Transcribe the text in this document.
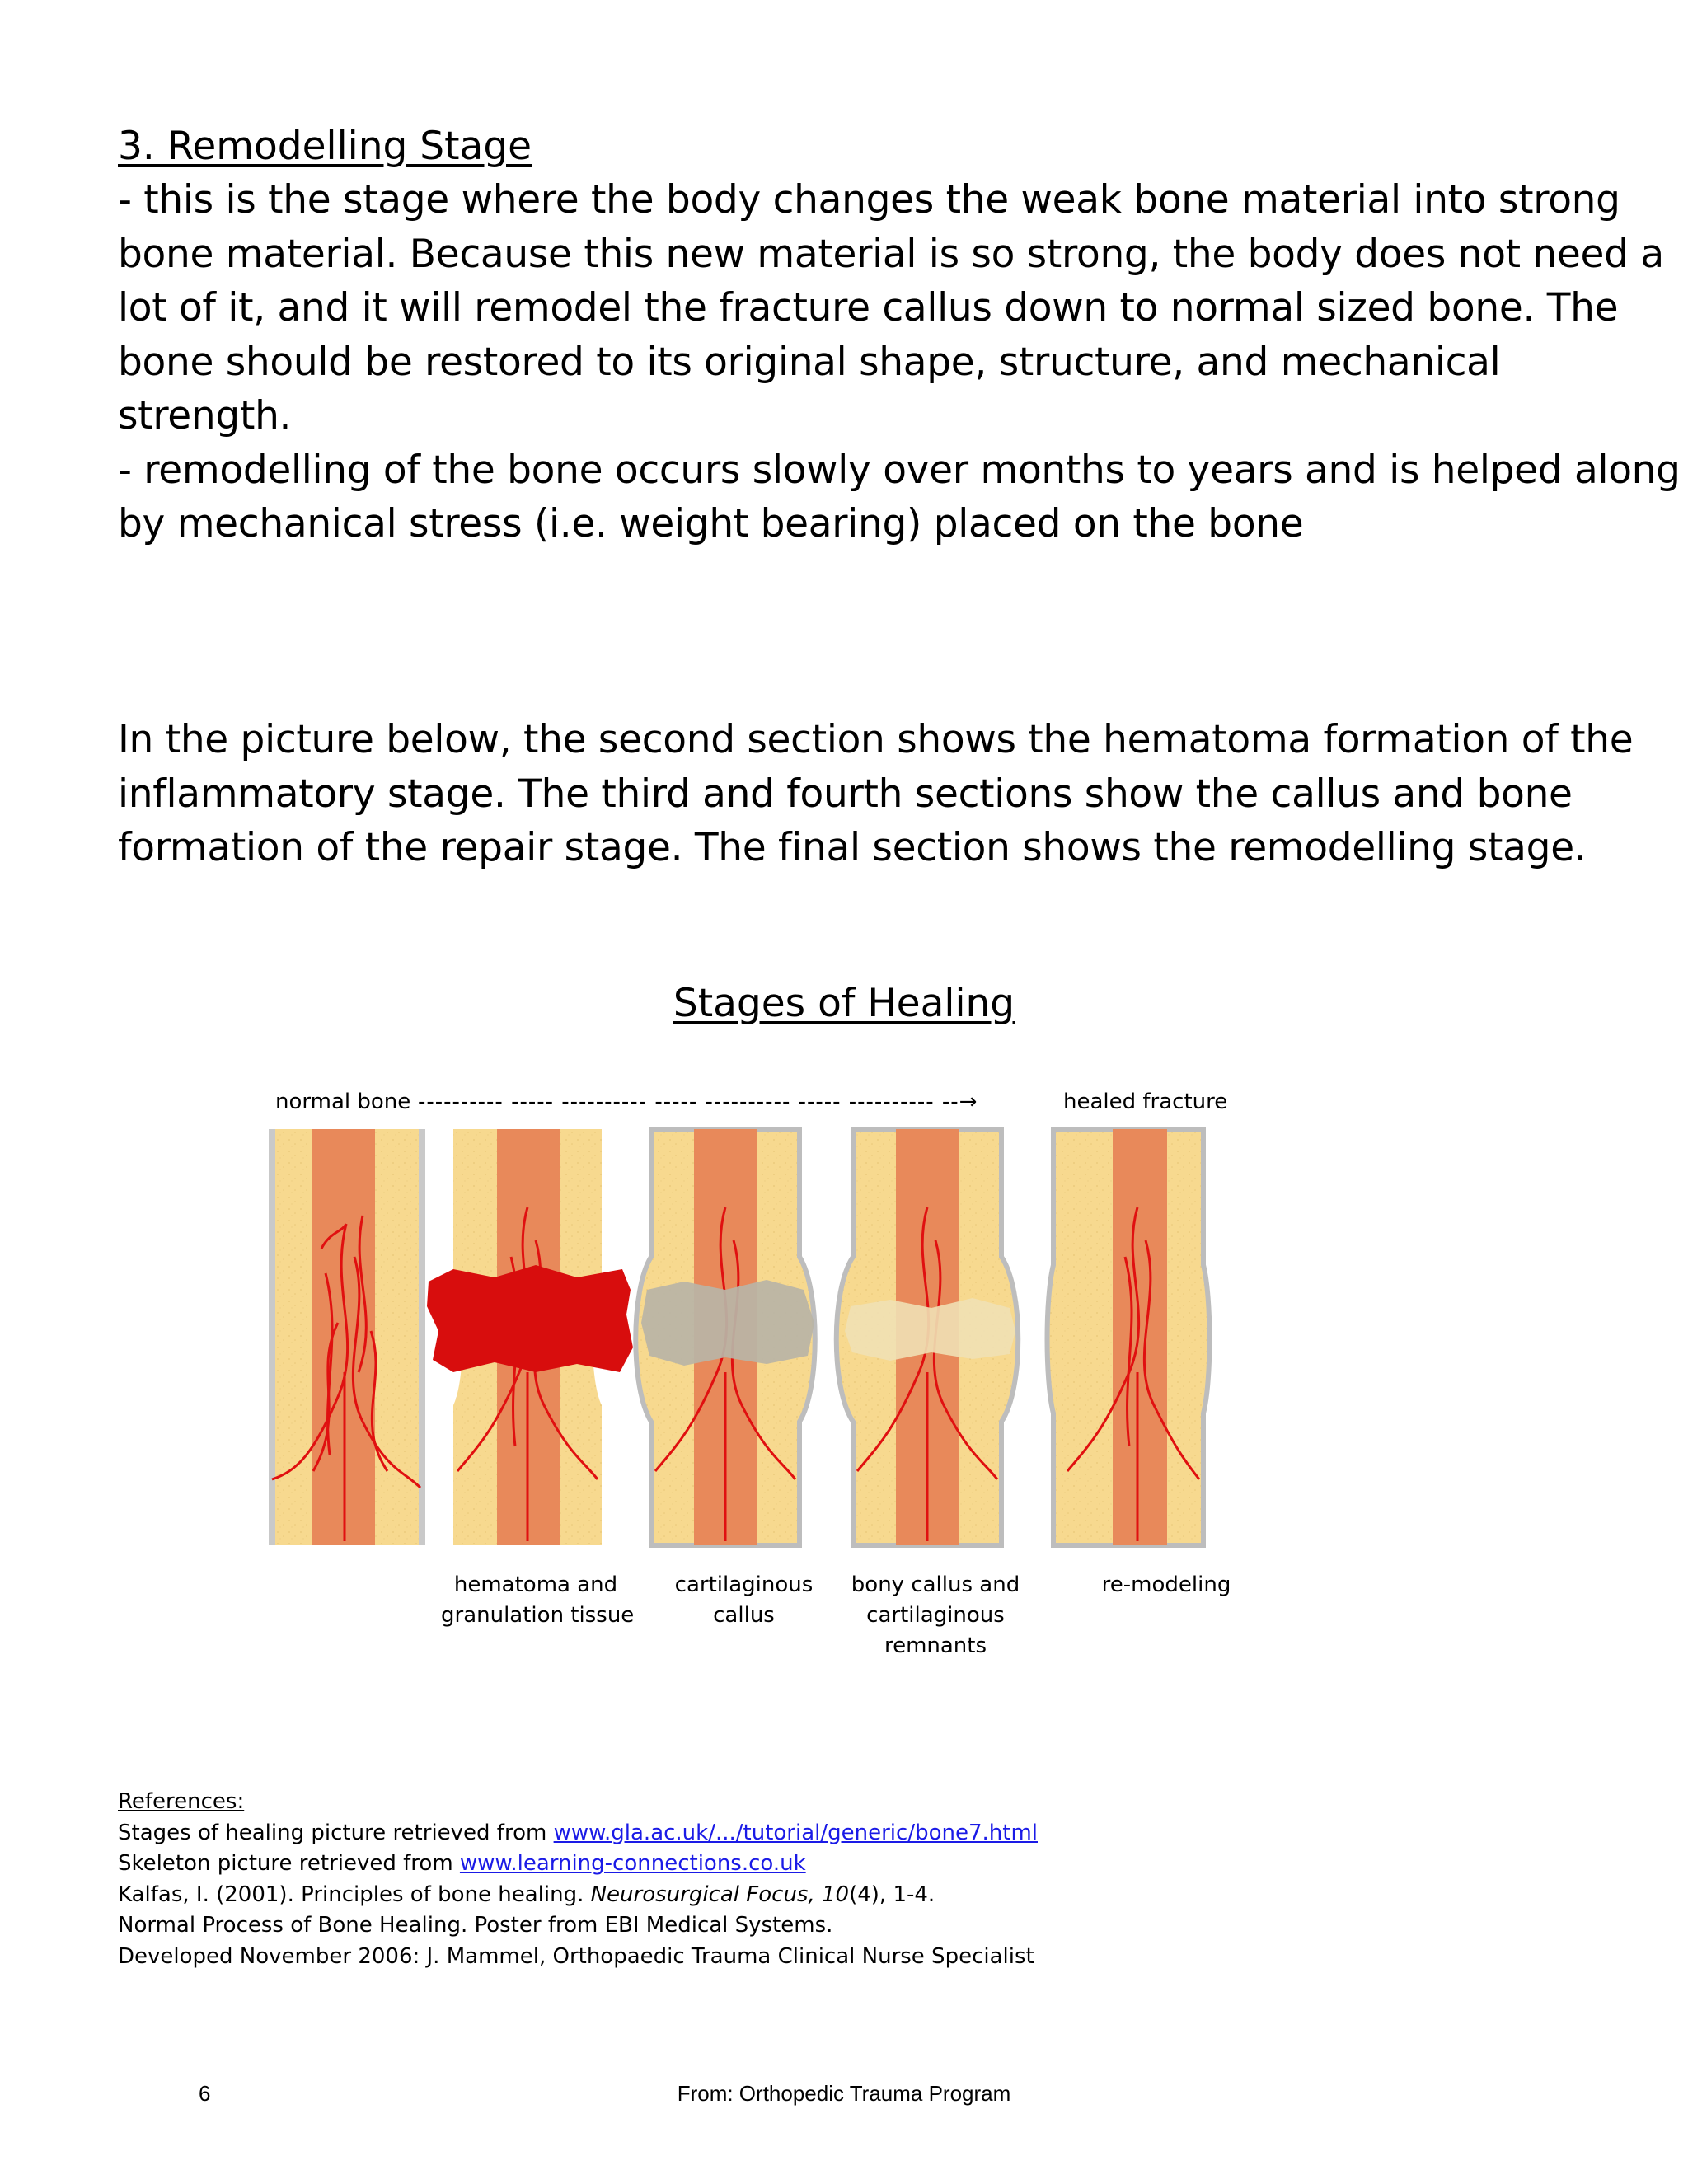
3. Remodelling Stage
- this is the stage where the body changes the weak bone material into strong
bone material. Because this new material is so strong, the body does not need a
lot of it, and it will remodel the fracture callus down to normal sized bone. The
bone should be restored to its original shape, structure, and mechanical
strength.
- remodelling of the bone occurs slowly over months to years and is helped along
by mechanical stress (i.e. weight bearing) placed on the bone
In the picture below, the second section shows the hematoma formation of the
inflammatory stage. The third and fourth sections show the callus and bone
formation of the repair stage. The final section shows the remodelling stage.
Stages of Healing
normal bone ---------- ----- ---------- ----- ---------- ----- ---------- --→	healed fracture
hematoma and
granulation tissue
cartilaginous
callus
bony callus and
cartilaginous
remnants
re-modeling
References:
Stages of healing picture retrieved from www.gla.ac.uk/.../tutorial/generic/bone7.html
Skeleton picture retrieved from www.learning-connections.co.uk
Kalfas, I. (2001). Principles of bone healing. Neurosurgical Focus, 10(4), 1-4.
Normal Process of Bone Healing. Poster from EBI Medical Systems.
Developed November 2006: J. Mammel, Orthopaedic Trauma Clinical Nurse Specialist
6	From: Orthopedic Trauma Program
